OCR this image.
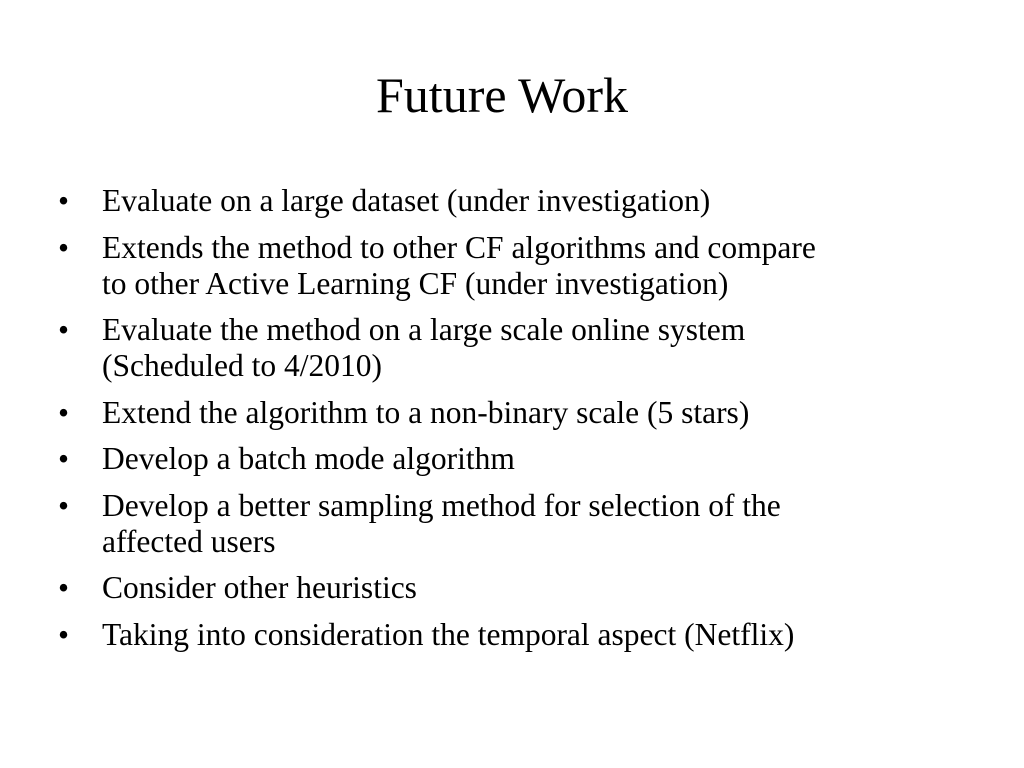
Future Work
•	Evaluate on a large dataset (under investigation)
•	Extends the method to other CF algorithms and compare
to other Active Learning CF (under investigation)
•	Evaluate the method on a large scale online system
(Scheduled to 4/2010)
•	Extend the algorithm to a non-binary scale (5 stars)
•	Develop a batch mode algorithm
•	Develop a better sampling method for selection of the
affected users
•	Consider other heuristics
•	Taking into consideration the temporal aspect (Netflix)
